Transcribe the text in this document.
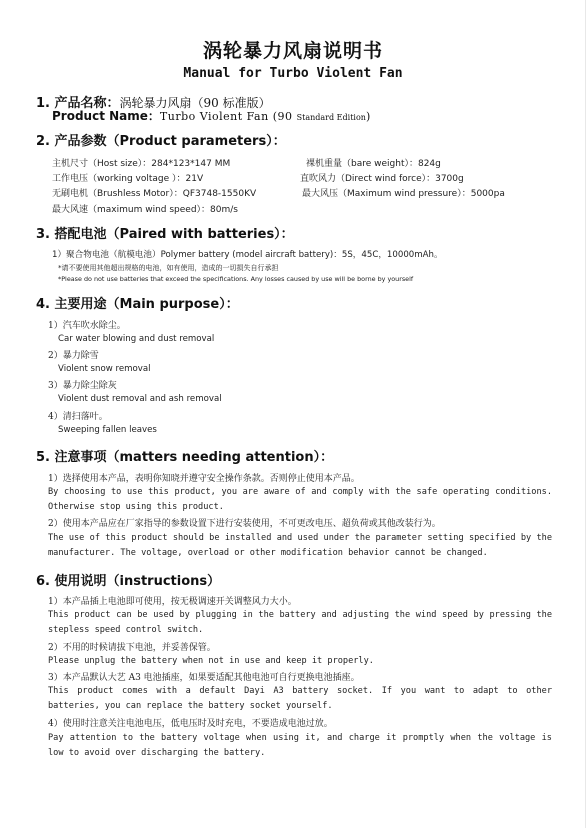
涡轮暴力风扇说明书
Manual for Turbo Violent Fan
1. 产品名称：涡轮暴力风扇（90 标准版）
Product Name：Turbo Violent Fan (90 Standard Edition)
2. 产品参数（Product parameters）：
主机尺寸（Host size）：284*123*147 MM	裸机重量（bare weight）：824g
工作电压（working voltage ）：21V	直吹风力（Direct wind force）：3700g
无刷电机（Brushless Motor）：QF3748-1550KV	最大风压（Maximum wind pressure）：5000pa
最大风速（maximum wind speed）：80m/s
3. 搭配电池（Paired with batteries）：
1）聚合物电池（航模电池）Polymer battery (model aircraft battery)：5S，45C，10000mAh。
*请不要使用其他超出规格的电池，如有使用，造成的一切损失自行承担
*Please do not use batteries that exceed the specifications. Any losses caused by use will be borne by yourself
4. 主要用途（Main purpose）：
1）汽车吹水除尘。
Car water blowing and dust removal
2）暴力除雪
Violent snow removal
3）暴力除尘除灰
Violent dust removal and ash removal
4）清扫落叶。
Sweeping fallen leaves
5. 注意事项（matters needing attention）：
1）选择使用本产品，表明你知晓并遵守安全操作条款。否则停止使用本产品。
By choosing to use this product, you are aware of and comply with the safe operating conditions. Otherwise stop using this product.
2）使用本产品应在厂家指导的参数设置下进行安装使用，不可更改电压、超负荷或其他改装行为。
The use of this product should be installed and used under the parameter setting specified by the manufacturer. The voltage, overload or other modification behavior cannot be changed.
6. 使用说明（instructions）
1）本产品插上电池即可使用，按无极调速开关调整风力大小。
This product can be used by plugging in the battery and adjusting the wind speed by pressing the stepless speed control switch.
2）不用的时候请拔下电池，并妥善保管。
Please unplug the battery when not in use and keep it properly.
3）本产品默认大艺 A3 电池插座，如果要适配其他电池可自行更换电池插座。
This product comes with a default Dayi A3 battery socket. If you want to adapt to other batteries, you can replace the battery socket yourself.
4）使用时注意关注电池电压，低电压时及时充电，不要造成电池过放。
Pay attention to the battery voltage when using it, and charge it promptly when the voltage is low to avoid over discharging the battery.
